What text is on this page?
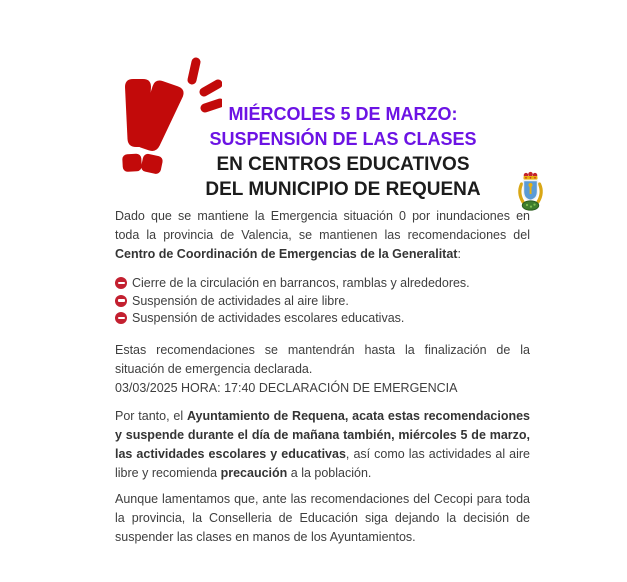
MIÉRCOLES 5 DE MARZO:
SUSPENSIÓN DE LAS CLASES
EN CENTROS EDUCATIVOS
DEL MUNICIPIO DE REQUENA

Dado que se mantiene la Emergencia situación 0 por inundaciones en toda la provincia de Valencia, se mantienen las recomendaciones del Centro de Coordinación de Emergencias de la Generalitat:

Cierre de la circulación en barrancos, ramblas y alrededores.
Suspensión de actividades al aire libre.
Suspensión de actividades escolares educativas.

Estas recomendaciones se mantendrán hasta la finalización de la situación de emergencia declarada.
03/03/2025 HORA: 17:40 DECLARACIÓN DE EMERGENCIA

Por tanto, el Ayuntamiento de Requena, acata estas recomendaciones y suspende durante el día de mañana también, miércoles 5 de marzo, las actividades escolares y educativas, así como las actividades al aire libre y recomienda precaución a la población.

Aunque lamentamos que, ante las recomendaciones del Cecopi para toda la provincia, la Conselleria de Educación siga dejando la decisión de suspender las clases en manos de los Ayuntamientos.
